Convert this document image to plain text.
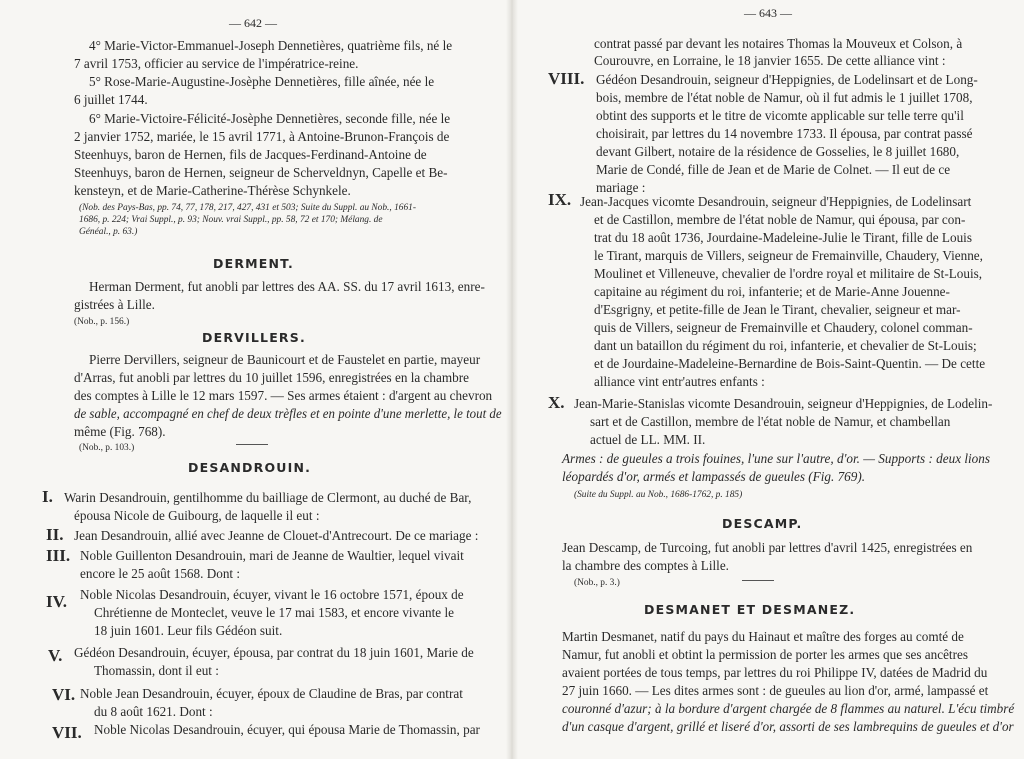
— 642 —
4° Marie-Victor-Emmanuel-Joseph Dennetières, quatrième fils, né le
7 avril 1753, officier au service de l'impératrice-reine.
5° Rose-Marie-Augustine-Josèphe Dennetières, fille aînée, née le
6 juillet 1744.
6° Marie-Victoire-Félicité-Josèphe Dennetières, seconde fille, née le
2 janvier 1752, mariée, le 15 avril 1771, à Antoine-Brunon-François de
Steenhuys, baron de Hernen, fils de Jacques-Ferdinand-Antoine de
Steenhuys, baron de Hernen, seigneur de Scherveldnyn, Capelle et Be-
kensteyn, et de Marie-Catherine-Thérèse Schynkele.
(Nob. des Pays-Bas, pp. 74, 77, 178, 217, 427, 431 et 503; Suite du Suppl. au Nob., 1661-
1686, p. 224; Vrai Suppl., p. 93; Nouv. vrai Suppl., pp. 58, 72 et 170; Mélang. de
Généal., p. 63.)
DERMENT.
Herman Derment, fut anobli par lettres des AA. SS. du 17 avril 1613, enre-
gistrées à Lille.
(Nob., p. 156.)
DERVILLERS.
Pierre Dervillers, seigneur de Baunicourt et de Faustelet en partie, mayeur
d'Arras, fut anobli par lettres du 10 juillet 1596, enregistrées en la chambre
des comptes à Lille le 12 mars 1597. — Ses armes étaient : d'argent au chevron
de sable, accompagné en chef de deux trèfles et en pointe d'une merlette, le tout de
même (Fig. 768).
(Nob., p. 103.)
DESANDROUIN.
I. Warin Desandrouin, gentilhomme du bailliage de Clermont, au duché de Bar,
épousa Nicole de Guibourg, de laquelle il eut :
II. Jean Desandrouin, allié avec Jeanne de Clouet-d'Antrecourt. De ce mariage :
III. Noble Guillenton Desandrouin, mari de Jeanne de Waultier, lequel vivait
encore le 25 août 1568. Dont :
IV. Noble Nicolas Desandrouin, écuyer, vivant le 16 octobre 1571, époux de
Chrétienne de Monteclet, veuve le 17 mai 1583, et encore vivante le
18 juin 1601. Leur fils Gédéon suit.
V. Gédéon Desandrouin, écuyer, épousa, par contrat du 18 juin 1601, Marie de
Thomassin, dont il eut :
VI. Noble Jean Desandrouin, écuyer, époux de Claudine de Bras, par contrat
du 8 août 1621. Dont :
VII. Noble Nicolas Desandrouin, écuyer, qui épousa Marie de Thomassin, par
— 643 —
contrat passé par devant les notaires Thomas la Mouveux et Colson, à
Courouvre, en Lorraine, le 18 janvier 1655. De cette alliance vint :
VIII. Gédéon Desandrouin, seigneur d'Heppignies, de Lodelinsart et de Long-
bois, membre de l'état noble de Namur, où il fut admis le 1 juillet 1708,
obtint des supports et le titre de vicomte applicable sur telle terre qu'il
choisirait, par lettres du 14 novembre 1733. Il épousa, par contrat passé
devant Gilbert, notaire de la résidence de Gosselies, le 8 juillet 1680,
Marie de Condé, fille de Jean et de Marie de Colnet. — Il eut de ce
mariage :
IX. Jean-Jacques vicomte Desandrouin, seigneur d'Heppignies, de Lodelinsart
et de Castillon, membre de l'état noble de Namur, qui épousa, par con-
trat du 18 août 1736, Jourdaine-Madeleine-Julie le Tirant, fille de Louis
le Tirant, marquis de Villers, seigneur de Fremainville, Chaudery, Vienne,
Moulinet et Villeneuve, chevalier de l'ordre royal et militaire de St-Louis,
capitaine au régiment du roi, infanterie; et de Marie-Anne Jouenne-
d'Esgrigny, et petite-fille de Jean le Tirant, chevalier, seigneur et mar-
quis de Villers, seigneur de Fremainville et Chaudery, colonel comman-
dant un bataillon du régiment du roi, infanterie, et chevalier de St-Louis;
et de Jourdaine-Madeleine-Bernardine de Bois-Saint-Quentin. — De cette
alliance vint entr'autres enfants :
X. Jean-Marie-Stanislas vicomte Desandrouin, seigneur d'Heppignies, de Lodelin-
sart et de Castillon, membre de l'état noble de Namur, et chambellan
actuel de LL. MM. II.
Armes : de gueules a trois fouines, l'une sur l'autre, d'or. — Supports : deux lions
léopardés d'or, armés et lampassés de gueules (Fig. 769).
(Suite du Suppl. au Nob., 1686-1762, p. 185)
DESCAMP.
Jean Descamp, de Turcoing, fut anobli par lettres d'avril 1425, enregistrées en
la chambre des comptes à Lille.
(Nob., p. 3.)
DESMANET ET DESMANEZ.
Martin Desmanet, natif du pays du Hainaut et maître des forges au comté de
Namur, fut anobli et obtint la permission de porter les armes que ses ancêtres
avaient portées de tous temps, par lettres du roi Philippe IV, datées de Madrid du
27 juin 1660. — Les dites armes sont : de gueules au lion d'or, armé, lampassé et
couronné d'azur; à la bordure d'argent chargée de 8 flammes au naturel. L'écu timbré
d'un casque d'argent, grillé et liseré d'or, assorti de ses lambrequins de gueules et d'or
